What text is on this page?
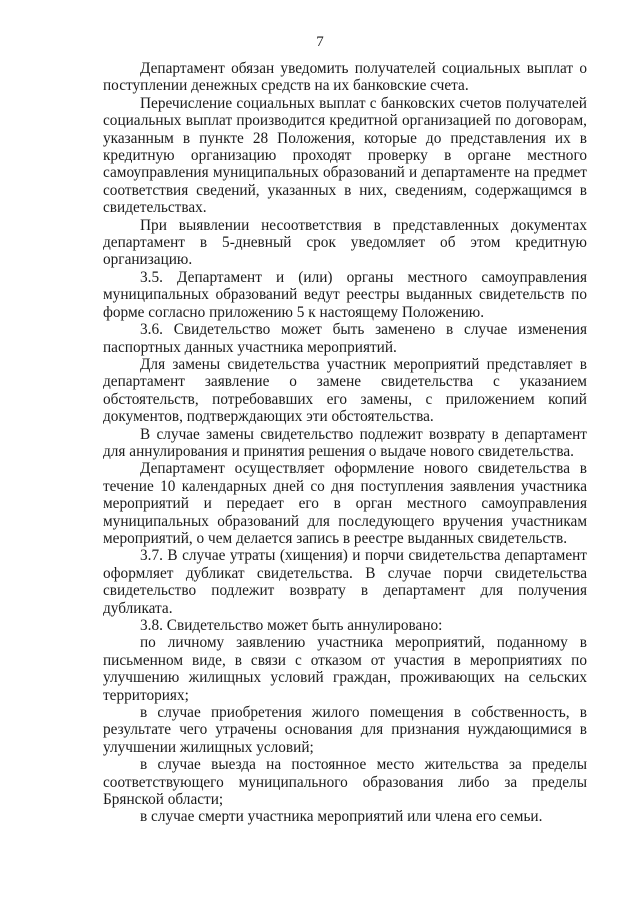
7

Департамент обязан уведомить получателей социальных выплат о поступлении денежных средств на их банковские счета.

Перечисление социальных выплат с банковских счетов получателей социальных выплат производится кредитной организацией по договорам, указанным в пункте 28 Положения, которые до представления их в кредитную организацию проходят проверку в органе местного самоуправления муниципальных образований и департаменте на предмет соответствия сведений, указанных в них, сведениям, содержащимся в свидетельствах.

При выявлении несоответствия в представленных документах департамент в 5-дневный срок уведомляет об этом кредитную организацию.

3.5. Департамент и (или) органы местного самоуправления муниципальных образований ведут реестры выданных свидетельств по форме согласно приложению 5 к настоящему Положению.

3.6. Свидетельство может быть заменено в случае изменения паспортных данных участника мероприятий.

Для замены свидетельства участник мероприятий представляет в департамент заявление о замене свидетельства с указанием обстоятельств, потребовавших его замены, с приложением копий документов, подтверждающих эти обстоятельства.

В случае замены свидетельство подлежит возврату в департамент для аннулирования и принятия решения о выдаче нового свидетельства.

Департамент осуществляет оформление нового свидетельства в течение 10 календарных дней со дня поступления заявления участника мероприятий и передает его в орган местного самоуправления муниципальных образований для последующего вручения участникам мероприятий, о чем делается запись в реестре выданных свидетельств.

3.7. В случае утраты (хищения) и порчи свидетельства департамент оформляет дубликат свидетельства. В случае порчи свидетельства свидетельство подлежит возврату в департамент для получения дубликата.

3.8. Свидетельство может быть аннулировано:

по личному заявлению участника мероприятий, поданному в письменном виде, в связи с отказом от участия в мероприятиях по улучшению жилищных условий граждан, проживающих на сельских территориях;

в случае приобретения жилого помещения в собственность, в результате чего утрачены основания для признания нуждающимися в улучшении жилищных условий;

в случае выезда на постоянное место жительства за пределы соответствующего муниципального образования либо за пределы Брянской области;

в случае смерти участника мероприятий или члена его семьи.
